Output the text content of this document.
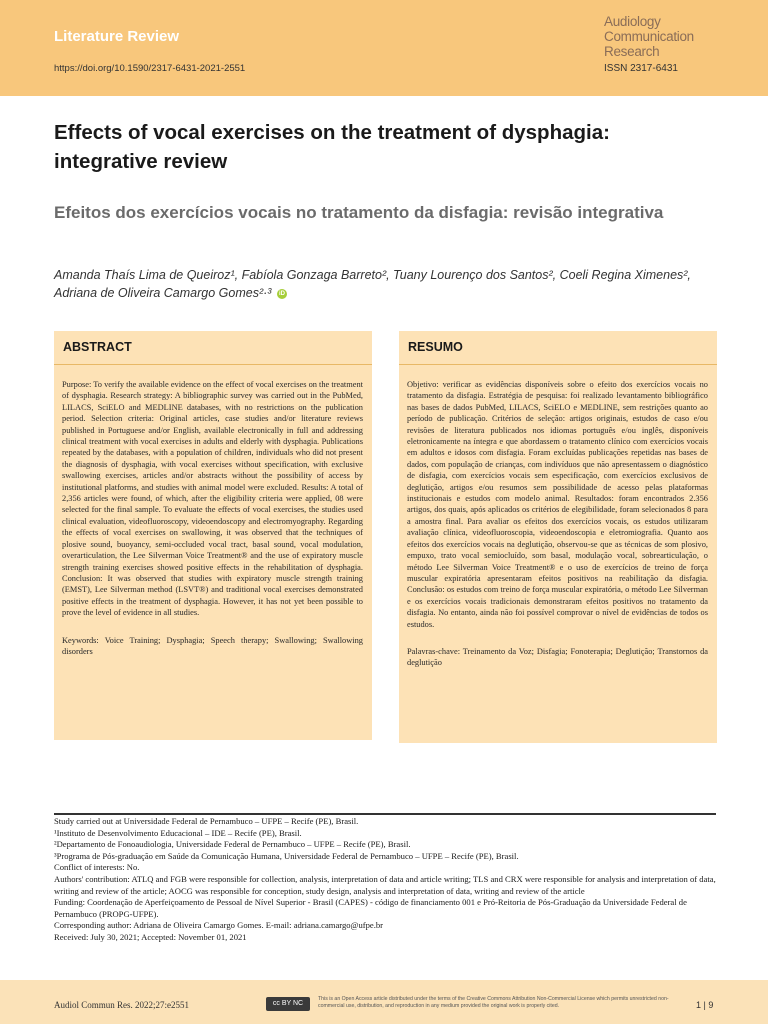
Literature Review
https://doi.org/10.1590/2317-6431-2021-2551
Audiology
Communication
Research
ISSN 2317-6431
Effects of vocal exercises on the treatment of dysphagia: integrative review
Efeitos dos exercícios vocais no tratamento da disfagia: revisão integrativa
Amanda Thaís Lima de Queiroz¹, Fabíola Gonzaga Barreto², Tuany Lourenço dos Santos², Coeli Regina Ximenes², Adriana de Oliveira Camargo Gomes²·³ iD
ABSTRACT
Purpose: To verify the available evidence on the effect of vocal exercises on the treatment of dysphagia. Research strategy: A bibliographic survey was carried out in the PubMed, LILACS, SciELO and MEDLINE databases, with no restrictions on the publication period. Selection criteria: Original articles, case studies and/or literature reviews published in Portuguese and/or English, available electronically in full and addressing clinical treatment with vocal exercises in adults and elderly with dysphagia. Publications repeated by the databases, with a population of children, individuals who did not present the diagnosis of dysphagia, with vocal exercises without specification, with exclusive swallowing exercises, articles and/or abstracts without the possibility of access by institutional platforms, and studies with animal model were excluded. Results: A total of 2,356 articles were found, of which, after the eligibility criteria were applied, 08 were selected for the final sample. To evaluate the effects of vocal exercises, the studies used clinical evaluation, videofluoroscopy, videoendoscopy and electromyography. Regarding the effects of vocal exercises on swallowing, it was observed that the techniques of plosive sound, buoyancy, semi-occluded vocal tract, basal sound, vocal modulation, overarticulation, the Lee Silverman Voice Treatment® and the use of expiratory muscle strength training exercises showed positive effects in the rehabilitation of dysphagia. Conclusion: It was observed that studies with expiratory muscle strength training (EMST), Lee Silverman method (LSVT®) and traditional vocal exercises demonstrated positive effects in the treatment of dysphagia. However, it has not yet been possible to prove the level of evidence in all studies.
Keywords: Voice Training; Dysphagia; Speech therapy; Swallowing; Swallowing disorders
RESUMO
Objetivo: verificar as evidências disponíveis sobre o efeito dos exercícios vocais no tratamento da disfagia. Estratégia de pesquisa: foi realizado levantamento bibliográfico nas bases de dados PubMed, LILACS, SciELO e MEDLINE, sem restrições quanto ao período de publicação. Critérios de seleção: artigos originais, estudos de caso e/ou revisões de literatura publicados nos idiomas português e/ou inglês, disponíveis eletronicamente na íntegra e que abordassem o tratamento clínico com exercícios vocais em adultos e idosos com disfagia. Foram excluídas publicações repetidas nas bases de dados, com população de crianças, com indivíduos que não apresentassem o diagnóstico de disfagia, com exercícios vocais sem especificação, com exercícios exclusivos de deglutição, artigos e/ou resumos sem possibilidade de acesso pelas plataformas institucionais e estudos com modelo animal. Resultados: foram encontrados 2.356 artigos, dos quais, após aplicados os critérios de elegibilidade, foram selecionados 8 para a amostra final. Para avaliar os efeitos dos exercícios vocais, os estudos utilizaram avaliação clínica, videofluoroscopia, videoendoscopia e eletromiografia. Quanto aos efeitos dos exercícios vocais na deglutição, observou-se que as técnicas de som plosivo, empuxo, trato vocal semiocluído, som basal, modulação vocal, sobrearticulação, o método Lee Silverman Voice Treatment® e o uso de exercícios de treino de força muscular expiratória apresentaram efeitos positivos na reabilitação da disfagia. Conclusão: os estudos com treino de força muscular expiratória, o método Lee Silverman e os exercícios vocais tradicionais demonstraram efeitos positivos no tratamento da disfagia. No entanto, ainda não foi possível comprovar o nível de evidências de todos os estudos.
Palavras-chave: Treinamento da Voz; Disfagia; Fonoterapia; Deglutição; Transtornos da deglutição
Study carried out at Universidade Federal de Pernambuco – UFPE – Recife (PE), Brasil.
¹Instituto de Desenvolvimento Educacional – IDE – Recife (PE), Brasil.
²Departamento de Fonoaudiologia, Universidade Federal de Pernambuco – UFPE – Recife (PE), Brasil.
³Programa de Pós-graduação em Saúde da Comunicação Humana, Universidade Federal de Pernambuco – UFPE – Recife (PE), Brasil.
Conflict of interests: No.
Authors' contribution: ATLQ and FGB were responsible for collection, analysis, interpretation of data and article writing; TLS and CRX were responsible for analysis and interpretation of data, writing and review of the article; AOCG was responsible for conception, study design, analysis and interpretation of data, writing and review of the article
Funding: Coordenação de Aperfeiçoamento de Pessoal de Nível Superior - Brasil (CAPES) - código de financiamento 001 e Pró-Reitoria de Pós-Graduação da Universidade Federal de Pernambuco (PROPG-UFPE).
Corresponding author: Adriana de Oliveira Camargo Gomes. E-mail: adriana.camargo@ufpe.br
Received: July 30, 2021; Accepted: November 01, 2021
Audiol Commun Res. 2022;27:e2551	cc BY NC
This is an Open Access article distributed under the terms of the Creative Commons Attribution Non-Commercial License which permits unrestricted non-commercial use, distribution, and reproduction in any medium provided the original work is properly cited.	1 | 9
